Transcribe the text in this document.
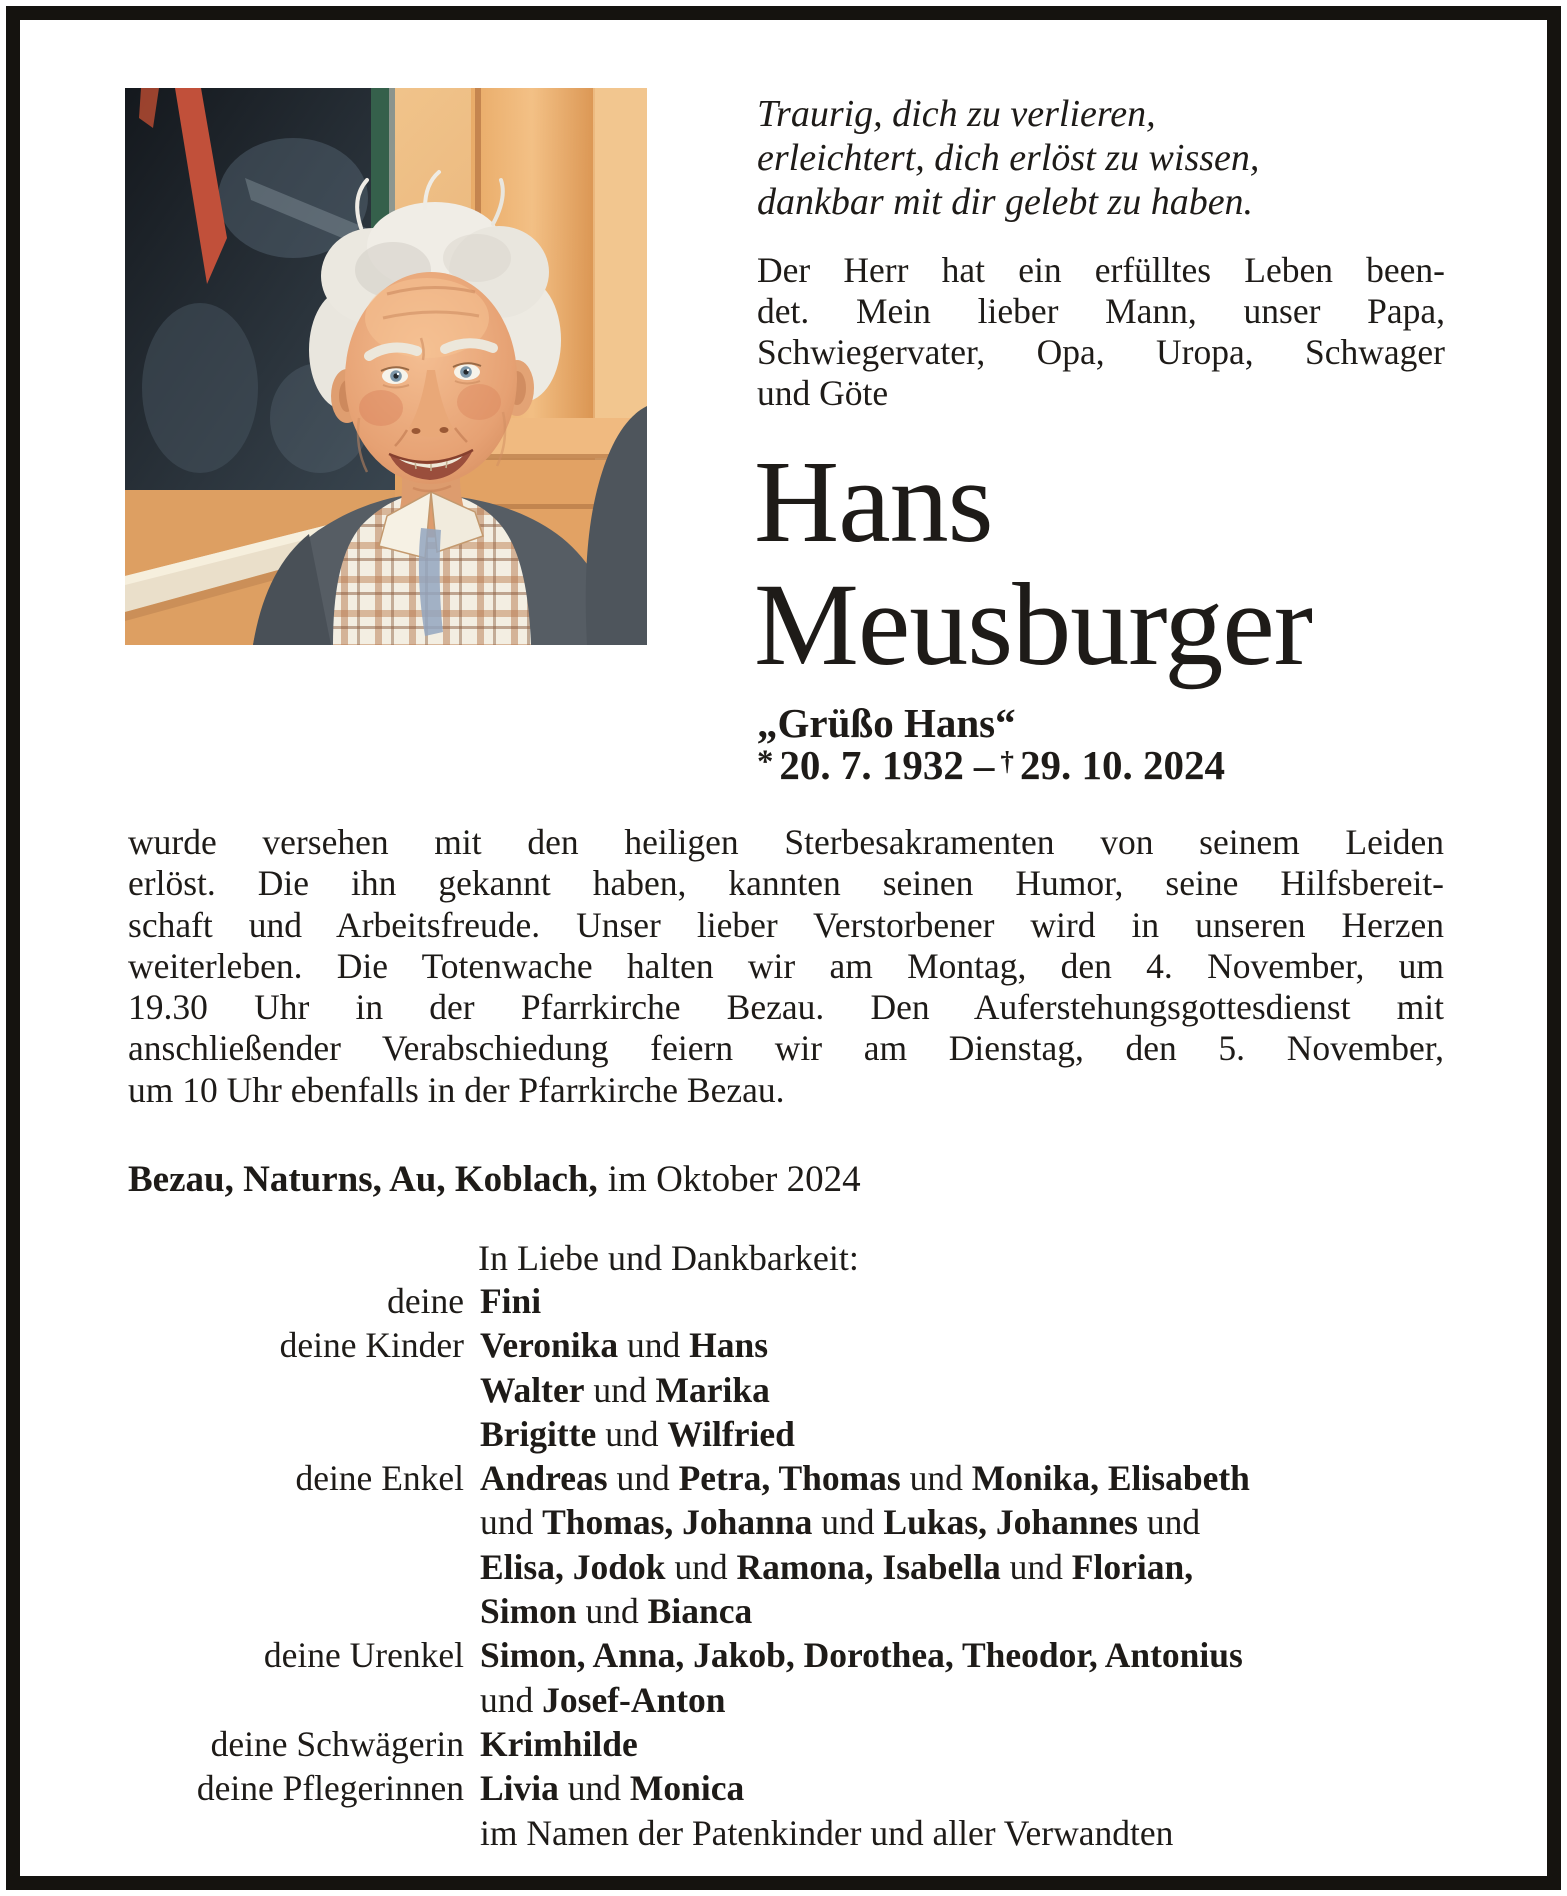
Traurig, dich zu verlieren,
erleichtert, dich erlöst zu wissen,
dankbar mit dir gelebt zu haben.
Der Herr hat ein erfülltes Leben been-
det. Mein lieber Mann, unser Papa,
Schwiegervater, Opa, Uropa, Schwager
und Göte
Hans
Meusburger
„Grüßo Hans“
* 20. 7. 1932 – † 29. 10. 2024
wurde versehen mit den heiligen Sterbesakramenten von seinem Leiden
erlöst. Die ihn gekannt haben, kannten seinen Humor, seine Hilfsbereit-
schaft und Arbeitsfreude. Unser lieber Verstorbener wird in unseren Herzen
weiterleben. Die Totenwache halten wir am Montag, den 4. November, um
19.30 Uhr in der Pfarrkirche Bezau. Den Auferstehungsgottesdienst mit
anschließender Verabschiedung feiern wir am Dienstag, den 5. November,
um 10 Uhr ebenfalls in der Pfarrkirche Bezau.
Bezau, Naturns, Au, Koblach, im Oktober 2024
In Liebe und Dankbarkeit:
deine Fini
deine Kinder Veronika und Hans
Walter und Marika
Brigitte und Wilfried
deine Enkel Andreas und Petra, Thomas und Monika, Elisabeth
und Thomas, Johanna und Lukas, Johannes und
Elisa, Jodok und Ramona, Isabella und Florian,
Simon und Bianca
deine Urenkel Simon, Anna, Jakob, Dorothea, Theodor, Antonius
und Josef-Anton
deine Schwägerin Krimhilde
deine Pflegerinnen Livia und Monica
im Namen der Patenkinder und aller Verwandten
